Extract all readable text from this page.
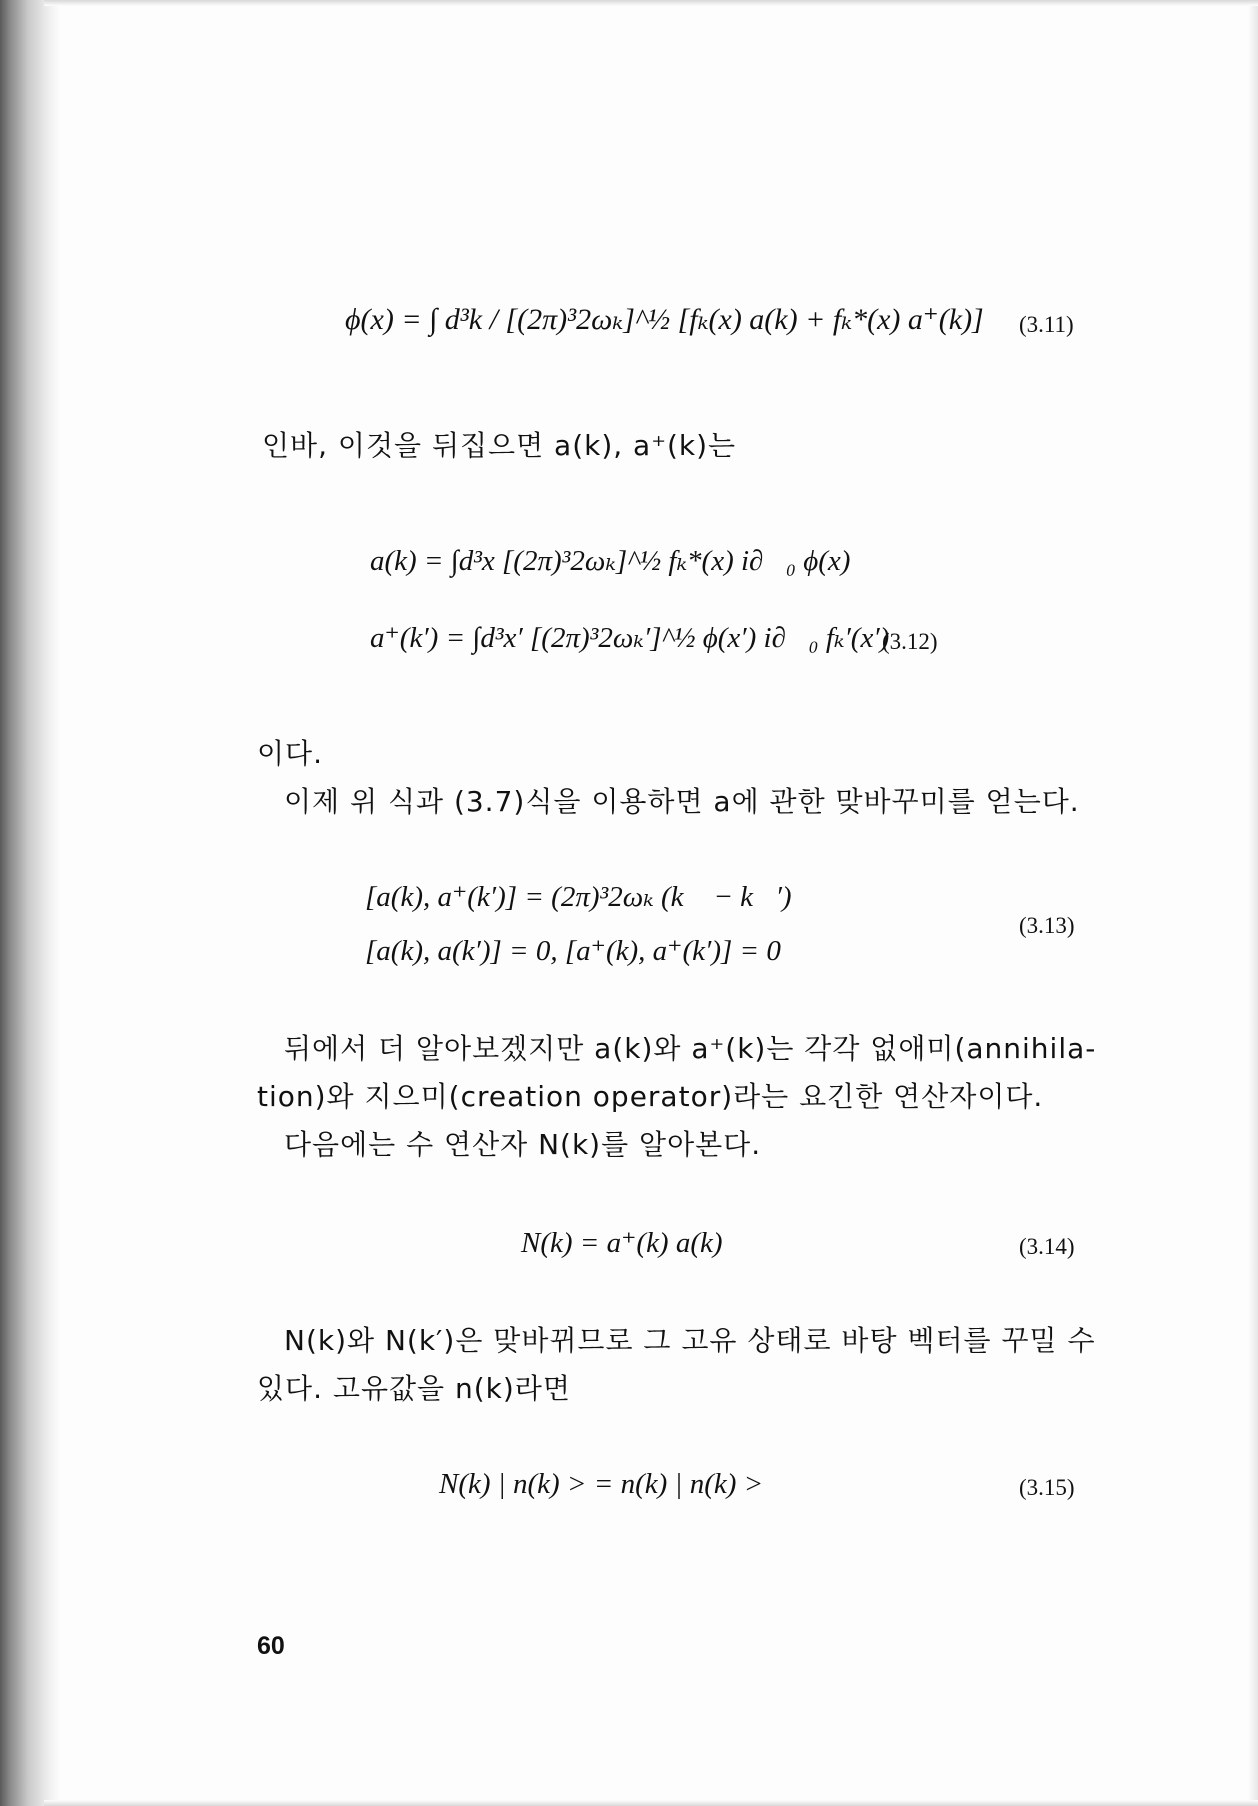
ϕ(x) = ∫ d³k / [(2π)³2ωₖ]^½ [fₖ(x) a(k) + fₖ*(x) a⁺(k)] (3.11)
인바, 이것을 뒤집으면 a(k), a⁺(k)는
a(k) = ∫d³x [(2π)³2ωₖ]^½ fₖ*(x) i∂⃡₀ ϕ(x)
a⁺(k′) = ∫d³x′ [(2π)³2ωₖ′]^½ ϕ(x′) i∂⃡₀ fₖ′(x′)
(3.12)
이다.
이제 위 식과 (3.7)식을 이용하면 a에 관한 맞바꾸미를 얻는다.
[a(k), a⁺(k′)] = (2π)³2ωₖ (k⃗ − k⃗′)
[a(k), a(k′)] = 0, [a⁺(k), a⁺(k′)] = 0
(3.13)
뒤에서 더 알아보겠지만 a(k)와 a⁺(k)는 각각 없애미(annihila-
tion)와 지으미(creation operator)라는 요긴한 연산자이다.
다음에는 수 연산자 N(k)를 알아본다.
N(k) = a⁺(k) a(k)	(3.14)
N(k)와 N(k′)은 맞바뀌므로 그 고유 상태로 바탕 벡터를 꾸밀 수
있다. 고유값을 n(k)라면
N(k) | n(k) > = n(k) | n(k) >	(3.15)
60
